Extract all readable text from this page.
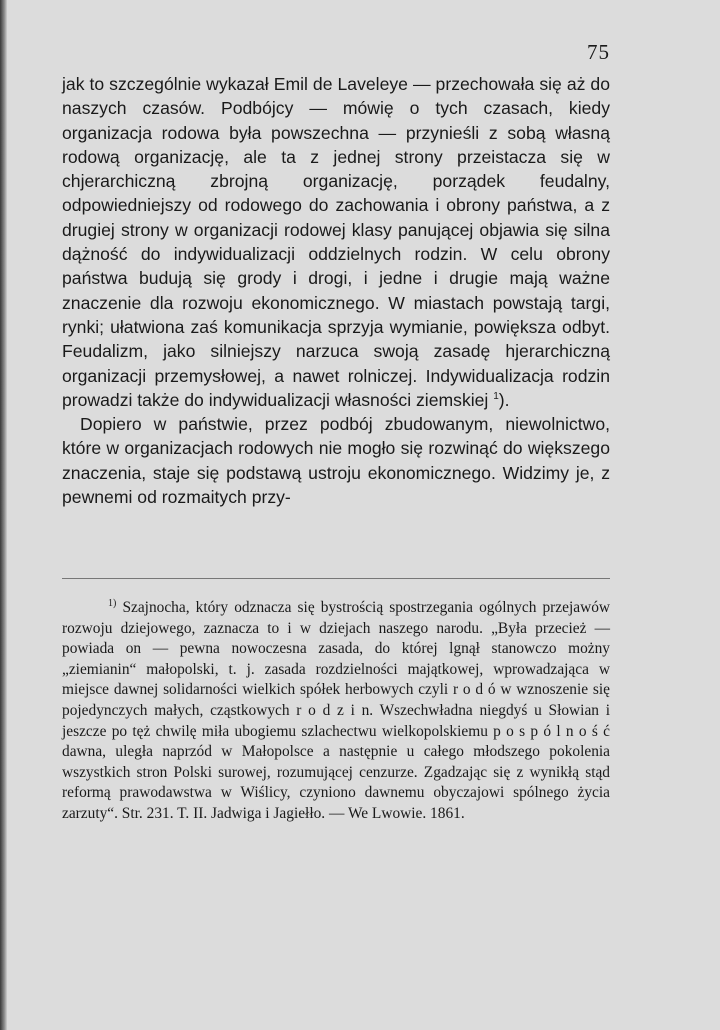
75

jak to szczególnie wykazał Emil de Laveleye — przechowała się aż do naszych czasów. Podbójcy — mówię o tych czasach, kiedy organizacja rodowa była powszechna — przynieśli z sobą własną rodową organizację, ale ta z jednej strony przeistacza się w chjerarchiczną zbrojną organizację, porządek feudalny, odpowiedniejszy od rodowego do zachowania i obrony państwa, a z drugiej strony w organizacji rodowej klasy panującej objawia się silna dążność do indywidualizacji oddzielnych rodzin. W celu obrony państwa budują się grody i drogi, i jedne i drugie mają ważne znaczenie dla rozwoju ekonomicznego. W miastach powstają targi, rynki; ułatwiona zaś komunikacja sprzyja wymianie, powiększa odbyt. Feudalizm, jako silniejszy narzuca swoją zasadę hjerarchiczną organizacji przemysłowej, a nawet rolniczej. Indywidualizacja rodzin prowadzi także do indywidualizacji własności ziemskiej $^1$).

Dopiero w państwie, przez podbój zbudowanym, niewolnictwo, które w organizacjach rodowych nie mogło się rozwinąć do większego znaczenia, staje się podstawą ustroju ekonomicznego. Widzimy je, z pewnemi od rozmaitych przy-

$^{1)}$ Szajnocha, który odznacza się bystrością spostrzegania ogólnych przejawów rozwoju dziejowego, zaznacza to i w dziejach naszego narodu. „Była przecież — powiada on — pewna nowoczesna zasada, do której lgnął stanowczo możny „ziemianin“ małopolski, t. j. zasada rozdzielności majątkowej, wprowadzająca w miejsce dawnej solidarności wielkich spółek herbowych czyli r o d ó w wznoszenie się pojedynczych małych, cząstkowych r o d z i n. Wszechwładna niegdyś u Słowian i jeszcze po tęż chwilę miła ubogiemu szlachectwu wielkopolskiemu p o s p ó l n o ś ć dawna, uległa naprzód w Małopolsce a następnie u całego młodszego pokolenia wszystkich stron Polski surowej, rozumującej cenzurze. Zgadzając się z wynikłą stąd reformą prawodawstwa w Wiślicy, czyniono dawnemu obyczajowi spólnego życia zarzuty“. Str. 231. T. II. Jadwiga i Jagiełło. — We Lwowie. 1861.
